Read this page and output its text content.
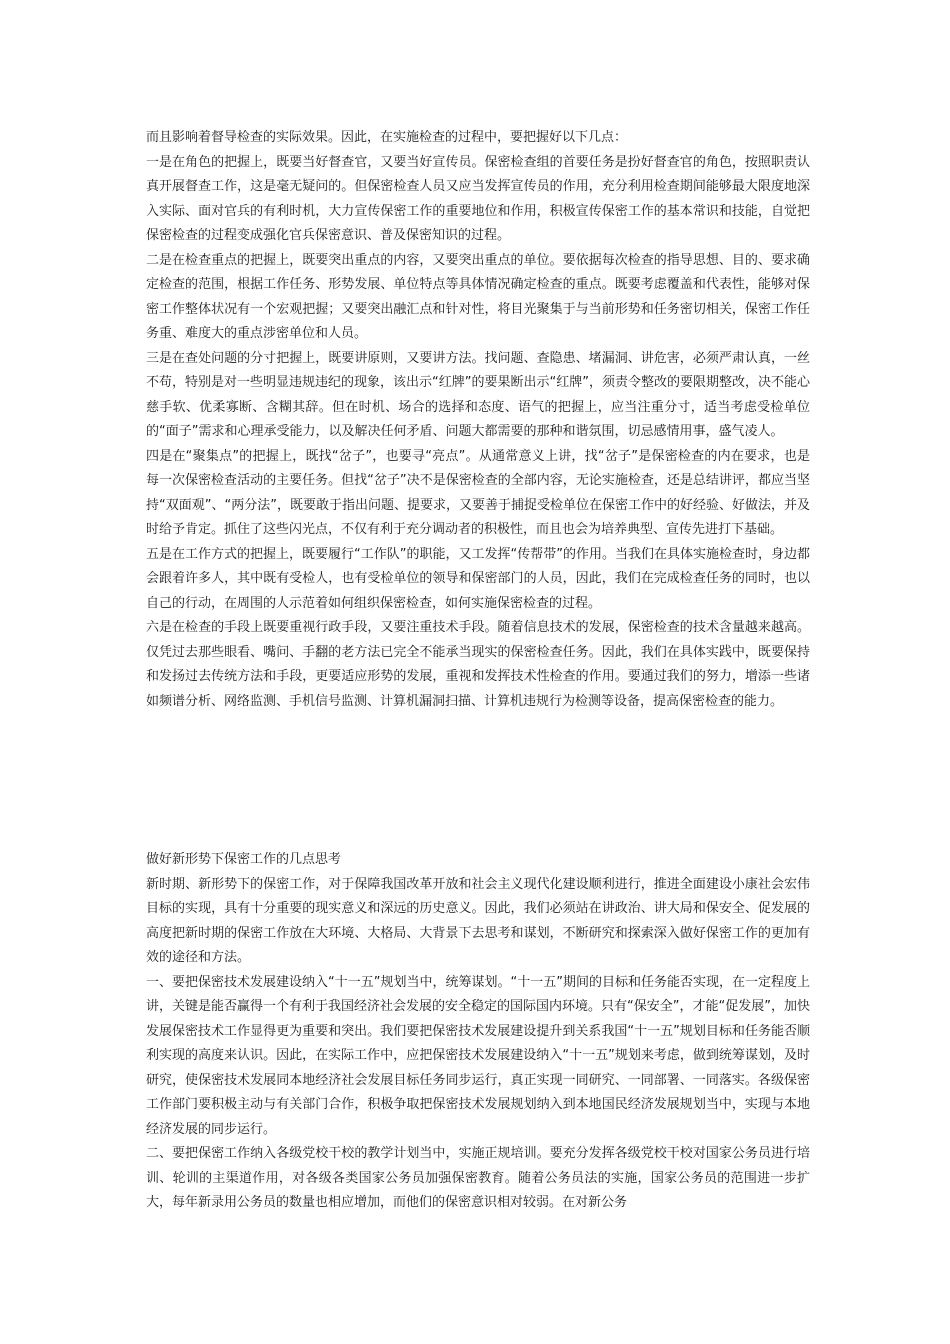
而且影响着督导检查的实际效果。因此，在实施检查的过程中，要把握好以下几点：

一是在角色的把握上，既要当好督查官，又要当好宣传员。保密检查组的首要任务是扮好督查官的角色，按照职责认真开展督查工作，这是毫无疑问的。但保密检查人员又应当发挥宣传员的作用，充分利用检查期间能够最大限度地深入实际、面对官兵的有利时机，大力宣传保密工作的重要地位和作用，积极宣传保密工作的基本常识和技能，自觉把保密检查的过程变成强化官兵保密意识、普及保密知识的过程。

二是在检查重点的把握上，既要突出重点的内容，又要突出重点的单位。要依据每次检查的指导思想、目的、要求确定检查的范围，根据工作任务、形势发展、单位特点等具体情况确定检查的重点。既要考虑覆盖和代表性，能够对保密工作整体状况有一个宏观把握；又要突出融汇点和针对性，将目光聚集于与当前形势和任务密切相关，保密工作任务重、难度大的重点涉密单位和人员。

三是在查处问题的分寸把握上，既要讲原则，又要讲方法。找问题、查隐患、堵漏洞、讲危害，必须严肃认真，一丝不苟，特别是对一些明显违规违纪的现象，该出示“红牌”的要果断出示“红牌”，须责令整改的要限期整改，决不能心慈手软、优柔寡断、含糊其辞。但在时机、场合的选择和态度、语气的把握上，应当注重分寸，适当考虑受检单位的“面子”需求和心理承受能力，以及解决任何矛盾、问题大都需要的那种和谐氛围，切忌感情用事，盛气凌人。

四是在“聚集点”的把握上，既找“岔子”，也要寻“亮点”。从通常意义上讲，找“岔子”是保密检查的内在要求，也是每一次保密检查活动的主要任务。但找“岔子”决不是保密检查的全部内容，无论实施检查，还是总结讲评，都应当坚持“双面观”、“两分法”，既要敢于指出问题、提要求，又要善于捕捉受检单位在保密工作中的好经验、好做法，并及时给予肯定。抓住了这些闪光点，不仅有利于充分调动者的积极性，而且也会为培养典型、宣传先进打下基础。

五是在工作方式的把握上，既要履行“工作队”的职能，又工发挥“传帮带”的作用。当我们在具体实施检查时，身边都会跟着许多人，其中既有受检人，也有受检单位的领导和保密部门的人员，因此，我们在完成检查任务的同时，也以自己的行动，在周围的人示范着如何组织保密检查，如何实施保密检查的过程。

六是在检查的手段上既要重视行政手段，又要注重技术手段。随着信息技术的发展，保密检查的技术含量越来越高。仅凭过去那些眼看、嘴问、手翻的老方法已完全不能承当现实的保密检查任务。因此，我们在具体实践中，既要保持和发扬过去传统方法和手段，更要适应形势的发展，重视和发挥技术性检查的作用。要通过我们的努力，增添一些诸如频谱分析、网络监测、手机信号监测、计算机漏洞扫描、计算机违规行为检测等设备，提高保密检查的能力。

做好新形势下保密工作的几点思考

新时期、新形势下的保密工作，对于保障我国改革开放和社会主义现代化建设顺利进行，推进全面建设小康社会宏伟目标的实现，具有十分重要的现实意义和深远的历史意义。因此，我们必须站在讲政治、讲大局和保安全、促发展的高度把新时期的保密工作放在大环境、大格局、大背景下去思考和谋划，不断研究和探索深入做好保密工作的更加有效的途径和方法。

一、要把保密技术发展建设纳入“十一五”规划当中，统筹谋划。“十一五”期间的目标和任务能否实现，在一定程度上讲，关键是能否赢得一个有利于我国经济社会发展的安全稳定的国际国内环境。只有“保安全”，才能“促发展”，加快发展保密技术工作显得更为重要和突出。我们要把保密技术发展建设提升到关系我国“十一五”规划目标和任务能否顺利实现的高度来认识。因此，在实际工作中，应把保密技术发展建设纳入“十一五”规划来考虑，做到统筹谋划，及时研究，使保密技术发展同本地经济社会发展目标任务同步运行，真正实现一同研究、一同部署、一同落实。各级保密工作部门要积极主动与有关部门合作，积极争取把保密技术发展规划纳入到本地国民经济发展规划当中，实现与本地经济发展的同步运行。

二、要把保密工作纳入各级党校干校的教学计划当中，实施正规培训。要充分发挥各级党校干校对国家公务员进行培训、轮训的主渠道作用，对各级各类国家公务员加强保密教育。随着公务员法的实施，国家公务员的范围进一步扩大，每年新录用公务员的数量也相应增加，而他们的保密意识相对较弱。在对新公务
